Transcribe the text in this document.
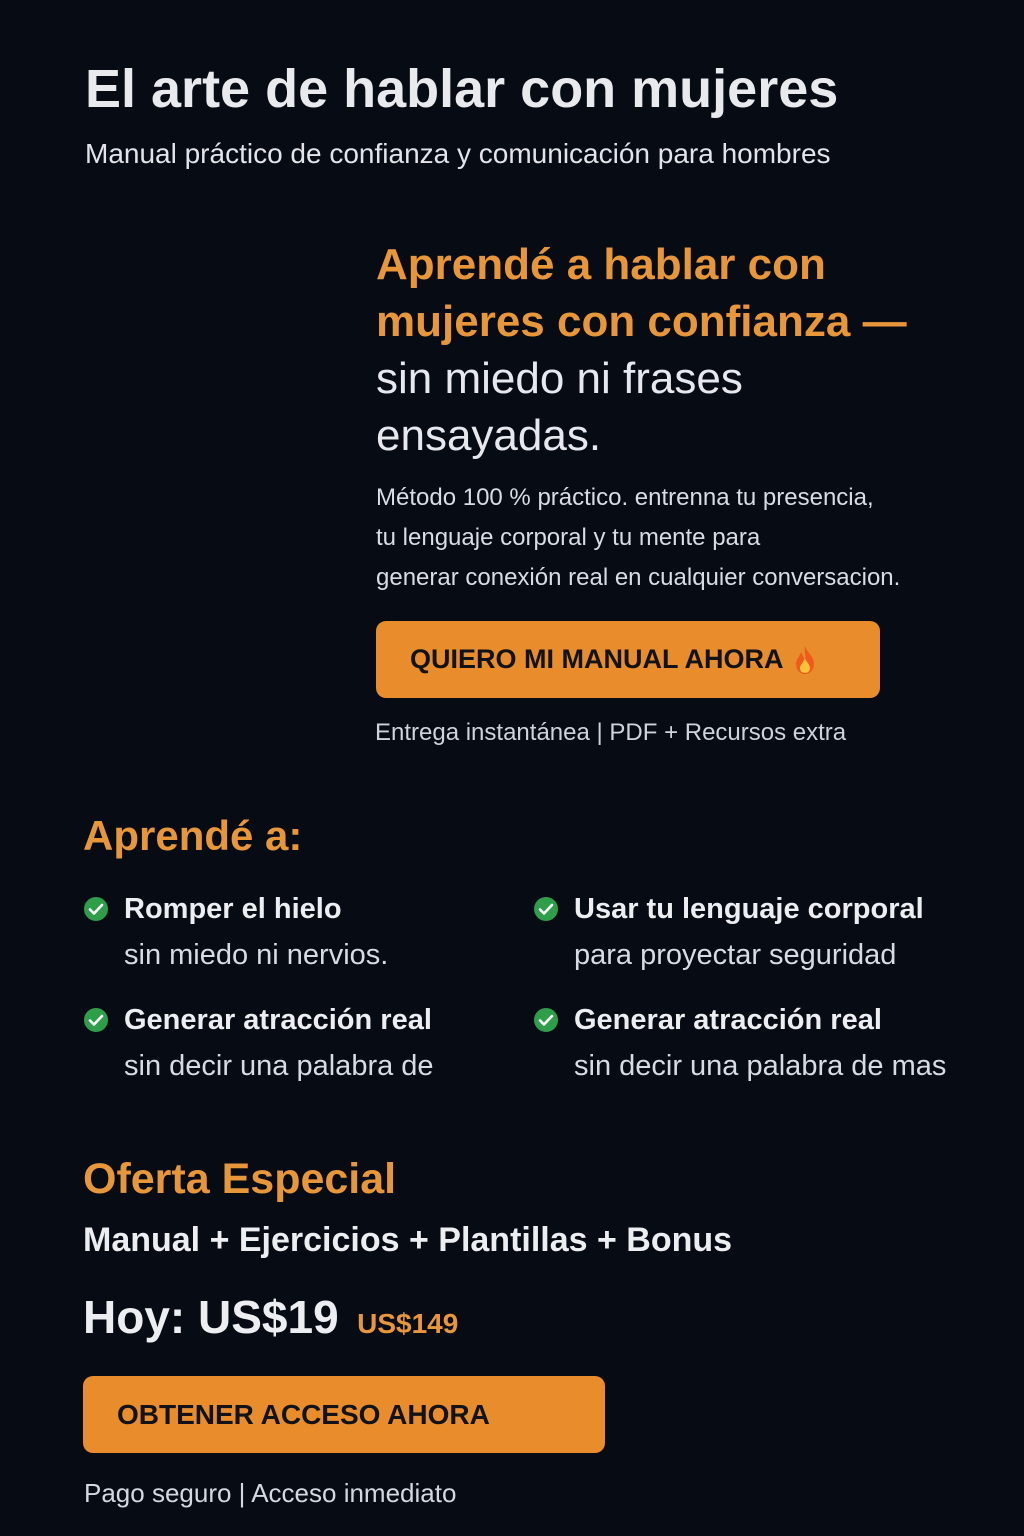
El arte de hablar con mujeres
Manual práctico de confianza y comunicación para hombres
Aprendé a hablar con
mujeres con confianza —
sin miedo ni frases
ensayadas.
Método 100 % práctico. entrenna tu presencia,
tu lenguaje corporal y tu mente para
generar conexión real en cualquier conversacion.
QUIERO MI MANUAL AHORA
Entrega instantánea | PDF + Recursos extra
Aprendé a:
Romper el hielo
sin miedo ni nervios.
Usar tu lenguaje corporal
para proyectar seguridad
Generar atracción real
sin decir una palabra de
Generar atracción real
sin decir una palabra de mas
Oferta Especial
Manual + Ejercicios + Plantillas + Bonus
Hoy: US$19 US$149
OBTENER ACCESO AHORA
Pago seguro | Acceso inmediato
